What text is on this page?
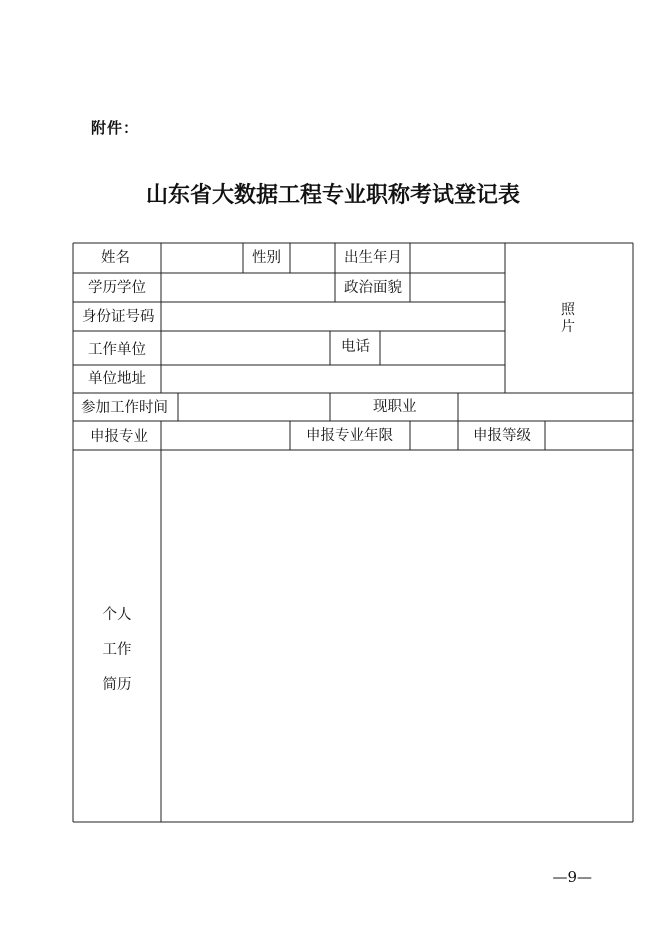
附件：
山东省大数据工程专业职称考试登记表
姓名	性别	出生年月
学历学位	政治面貌
身份证号码
工作单位	电话
单位地址
参加工作时间	现职业
申报专业	申报专业年限	申报等级
照片
个人
工作
简历
—9—
